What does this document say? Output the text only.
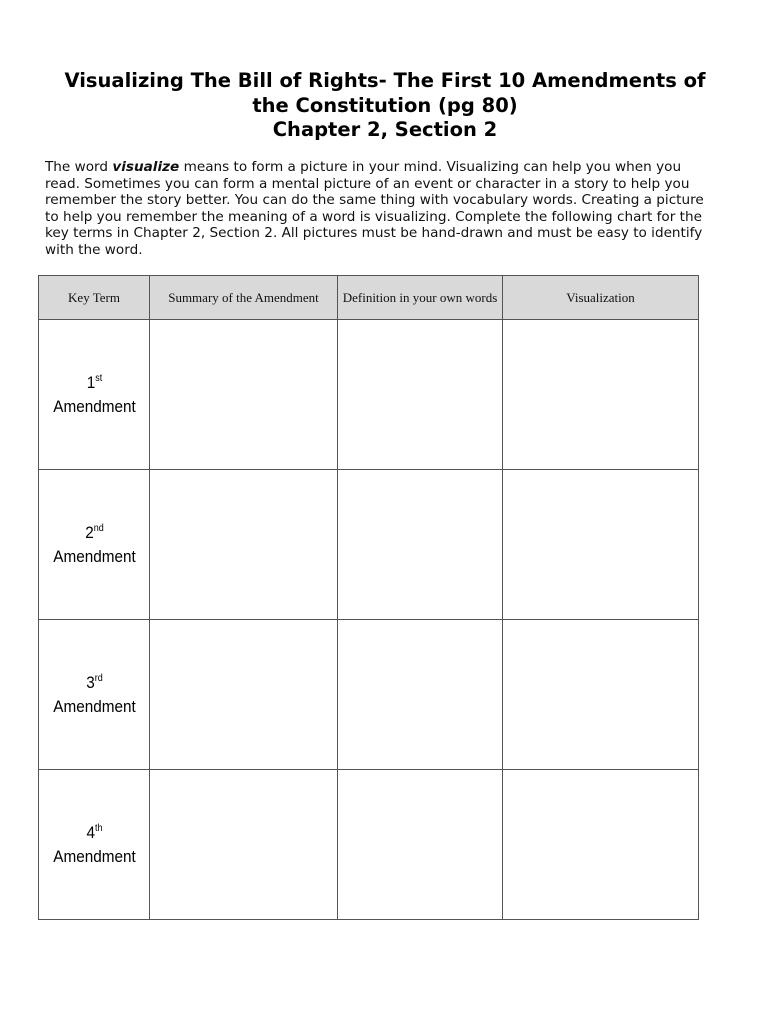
Visualizing The Bill of Rights- The First 10 Amendments of
the Constitution (pg 80)
Chapter 2, Section 2

The word visualize means to form a picture in your mind. Visualizing can help you when you read. Sometimes you can form a mental picture of an event or character in a story to help you remember the story better. You can do the same thing with vocabulary words. Creating a picture to help you remember the meaning of a word is visualizing. Complete the following chart for the key terms in Chapter 2, Section 2. All pictures must be hand-drawn and must be easy to identify with the word.

Key Term	Summary of the Amendment	Definition in your own words	Visualization
1st
Amendment			
2nd
Amendment			
3rd
Amendment			
4th
Amendment			
